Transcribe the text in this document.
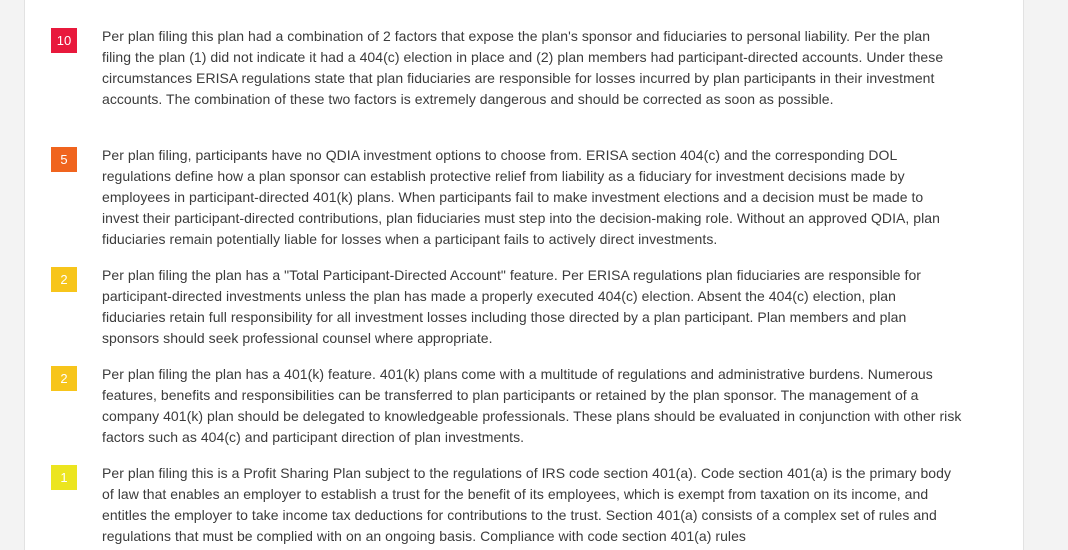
10	Per plan filing this plan had a combination of 2 factors that expose the plan's sponsor and fiduciaries to personal liability. Per the plan filing the plan (1) did not indicate it had a 404(c) election in place and (2) plan members had participant-directed accounts. Under these circumstances ERISA regulations state that plan fiduciaries are responsible for losses incurred by plan participants in their investment accounts. The combination of these two factors is extremely dangerous and should be corrected as soon as possible.

5	Per plan filing, participants have no QDIA investment options to choose from. ERISA section 404(c) and the corresponding DOL regulations define how a plan sponsor can establish protective relief from liability as a fiduciary for investment decisions made by employees in participant-directed 401(k) plans. When participants fail to make investment elections and a decision must be made to invest their participant-directed contributions, plan fiduciaries must step into the decision-making role. Without an approved QDIA, plan fiduciaries remain potentially liable for losses when a participant fails to actively direct investments.

2	Per plan filing the plan has a "Total Participant-Directed Account" feature. Per ERISA regulations plan fiduciaries are responsible for participant-directed investments unless the plan has made a properly executed 404(c) election. Absent the 404(c) election, plan fiduciaries retain full responsibility for all investment losses including those directed by a plan participant. Plan members and plan sponsors should seek professional counsel where appropriate.

2	Per plan filing the plan has a 401(k) feature. 401(k) plans come with a multitude of regulations and administrative burdens. Numerous features, benefits and responsibilities can be transferred to plan participants or retained by the plan sponsor. The management of a company 401(k) plan should be delegated to knowledgeable professionals. These plans should be evaluated in conjunction with other risk factors such as 404(c) and participant direction of plan investments.

1	Per plan filing this is a Profit Sharing Plan subject to the regulations of IRS code section 401(a). Code section 401(a) is the primary body of law that enables an employer to establish a trust for the benefit of its employees, which is exempt from taxation on its income, and entitles the employer to take income tax deductions for contributions to the trust. Section 401(a) consists of a complex set of rules and regulations that must be complied with on an ongoing basis. Compliance with code section 401(a) rules
